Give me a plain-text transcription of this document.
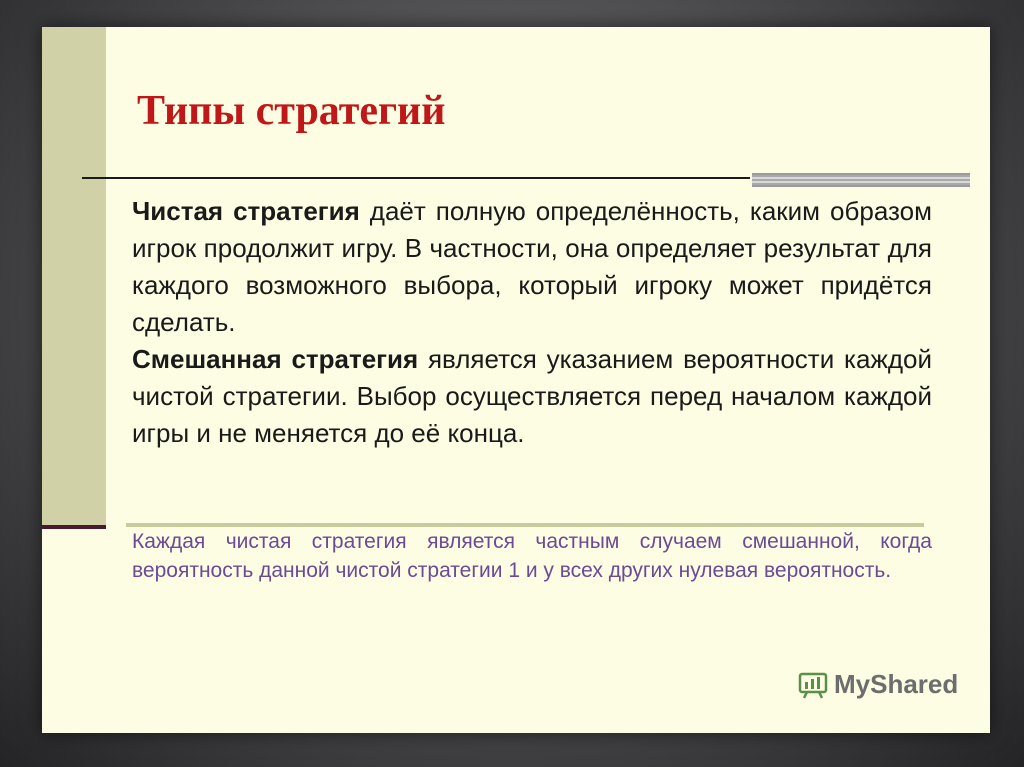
Типы стратегий

Чистая стратегия даёт полную определённость, каким образом игрок продолжит игру. В частности, она определяет результат для каждого возможного выбора, который игроку может придётся сделать.

Смешанная стратегия является указанием вероятности каждой чистой стратегии. Выбор осуществляется перед началом каждой игры и не меняется до её конца.

Каждая чистая стратегия является частным случаем смешанной, когда вероятность данной чистой стратегии 1 и у всех других нулевая вероятность.

MyShared
